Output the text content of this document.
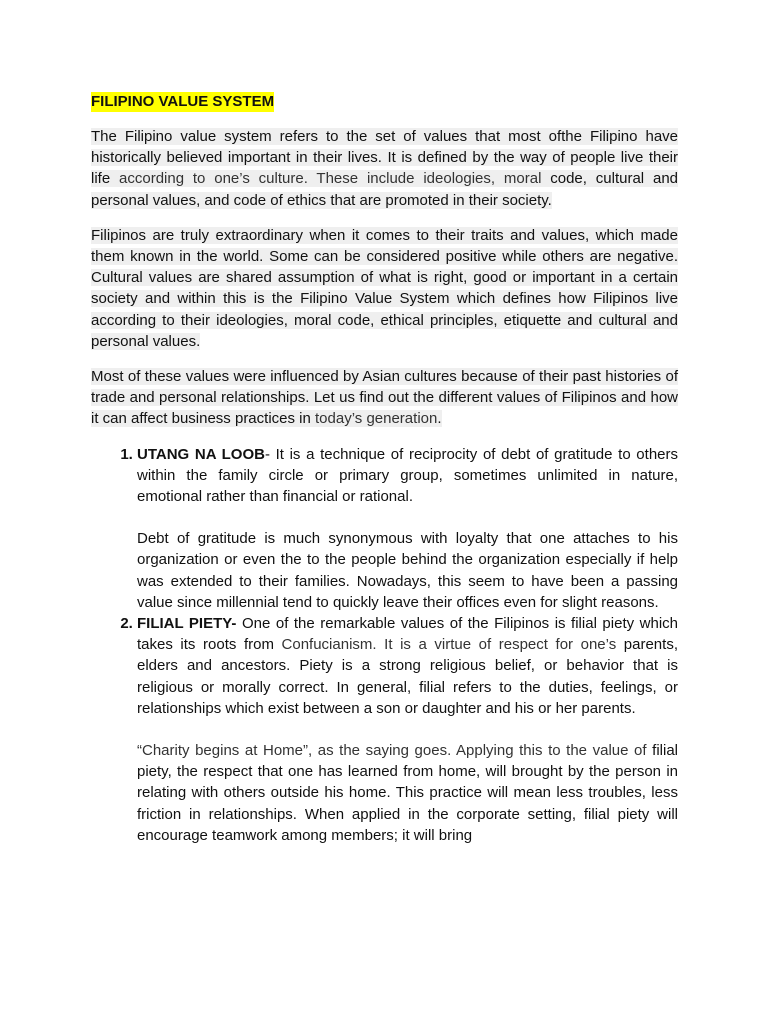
FILIPINO VALUE SYSTEM

The Filipino value system refers to the set of values that most ofthe Filipino have historically believed important in their lives. It is defined by the way of people live their life according to one’s culture. These include ideologies, moral code, cultural and personal values, and code of ethics that are promoted in their society.

Filipinos are truly extraordinary when it comes to their traits and values, which made them known in the world. Some can be considered positive while others are negative. Cultural values are shared assumption of what is right, good or important in a certain society and within this is the Filipino Value System which defines how Filipinos live according to their ideologies, moral code, ethical principles, etiquette and cultural and personal values.

Most of these values were influenced by Asian cultures because of their past histories of trade and personal relationships. Let us find out the different values of Filipinos and how it can affect business practices in today’s generation.

1. UTANG NA LOOB- It is a technique of reciprocity of debt of gratitude to others within the family circle or primary group, sometimes unlimited in nature, emotional rather than financial or rational.

Debt of gratitude is much synonymous with loyalty that one attaches to his organization or even the to the people behind the organization especially if help was extended to their families. Nowadays, this seem to have been a passing value since millennial tend to quickly leave their offices even for slight reasons.

2. FILIAL PIETY- One of the remarkable values of the Filipinos is filial piety which takes its roots from Confucianism. It is a virtue of respect for one’s parents, elders and ancestors. Piety is a strong religious belief, or behavior that is religious or morally correct. In general, filial refers to the duties, feelings, or relationships which exist between a son or daughter and his or her parents.

“Charity begins at Home”, as the saying goes. Applying this to the value of filial piety, the respect that one has learned from home, will brought by the person in relating with others outside his home. This practice will mean less troubles, less friction in relationships. When applied in the corporate setting, filial piety will encourage teamwork among members; it will bring
